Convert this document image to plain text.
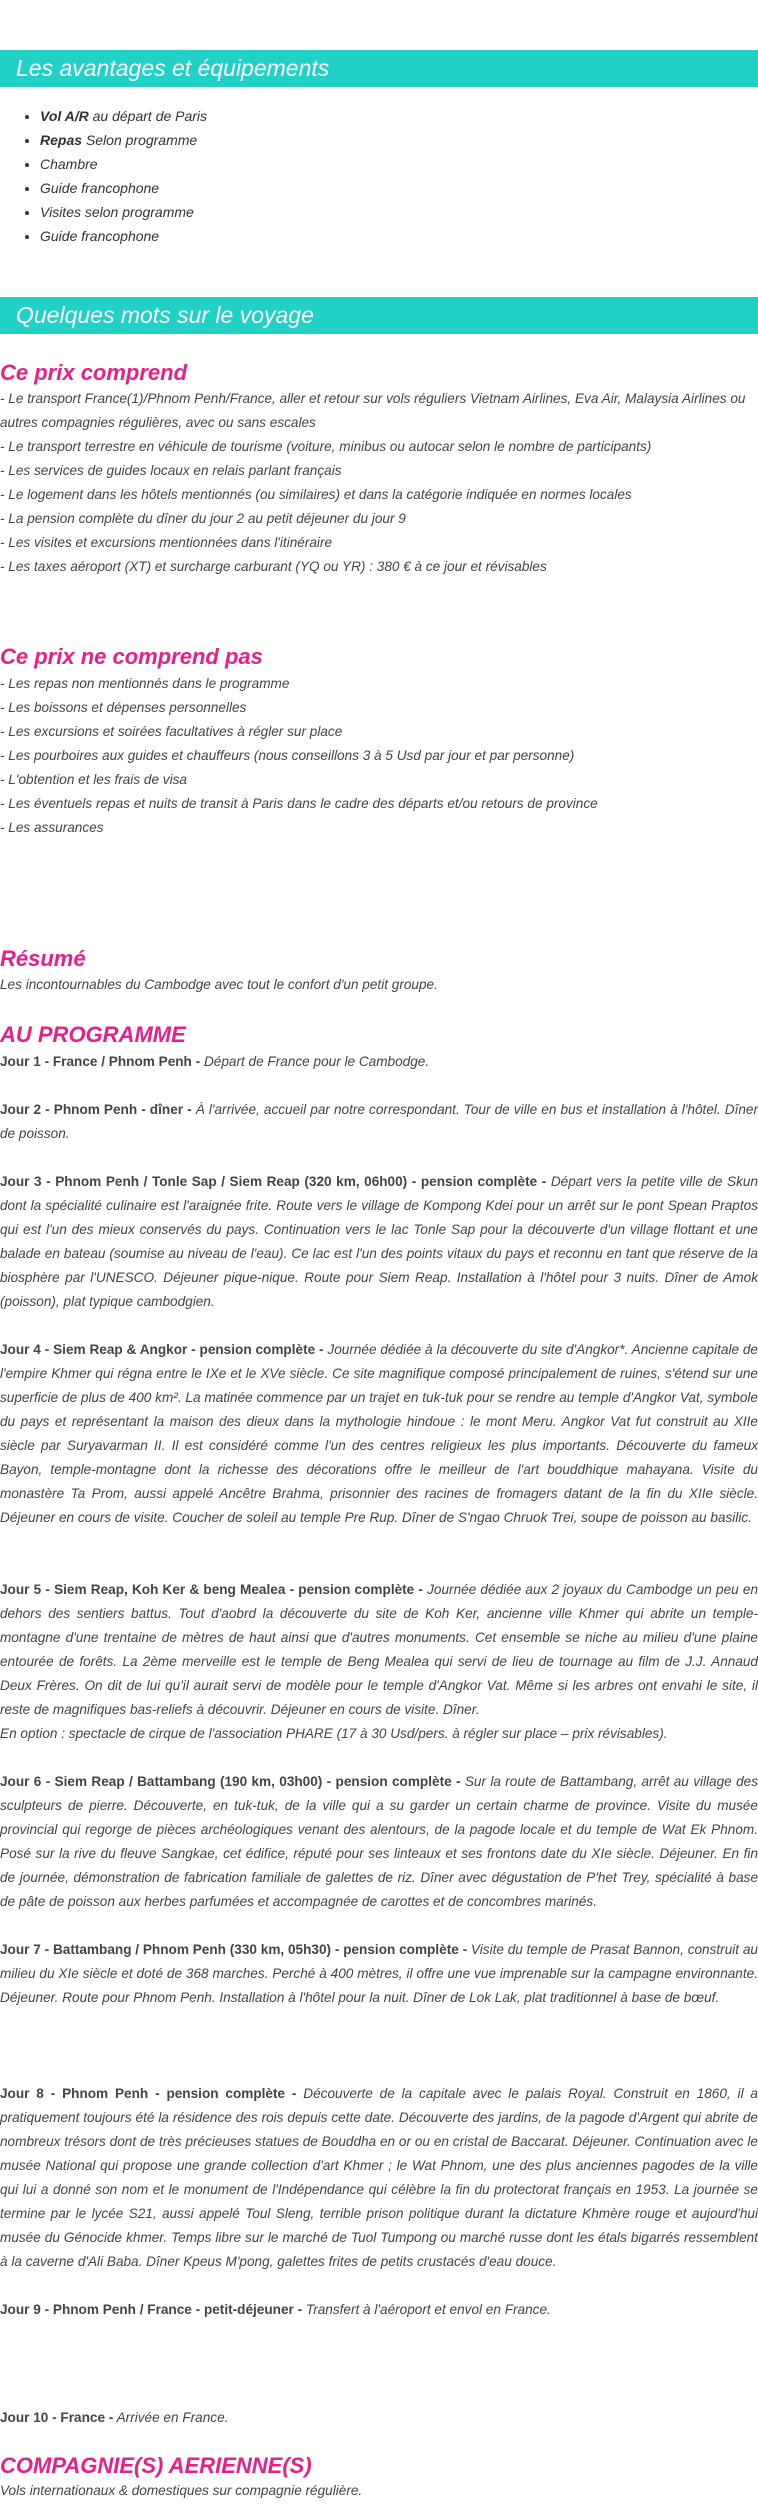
Les avantages et équipements
• Vol A/R au départ de Paris
• Repas Selon programme
• Chambre
• Guide francophone
• Visites selon programme
• Guide francophone
Quelques mots sur le voyage
Ce prix comprend

- Le transport France(1)/Phnom Penh/France, aller et retour sur vols réguliers Vietnam Airlines, Eva Air, Malaysia Airlines ou autres compagnies régulières, avec ou sans escales

- Le transport terrestre en véhicule de tourisme (voiture, minibus ou autocar selon le nombre de participants)

- Les services de guides locaux en relais parlant français

- Le logement dans les hôtels mentionnés (ou similaires) et dans la catégorie indiquée en normes locales

- La pension complète du dîner du jour 2 au petit déjeuner du jour 9

- Les visites et excursions mentionnées dans l'itinéraire

- Les taxes aéroport (XT) et surcharge carburant (YQ ou YR) : 380 € à ce jour et révisables

Ce prix ne comprend pas

- Les repas non mentionnés dans le programme

- Les boissons et dépenses personnelles

- Les excursions et soirées facultatives à régler sur place

- Les pourboires aux guides et chauffeurs (nous conseillons 3 à 5 Usd par jour et par personne)

- L'obtention et les frais de visa

- Les éventuels repas et nuits de transit à Paris dans le cadre des départs et/ou retours de province

- Les assurances

Résumé
Les incontournables du Cambodge avec tout le confort d'un petit groupe.
AU PROGRAMME

Jour 1 - France / Phnom Penh - Départ de France pour le Cambodge.

Jour 2 - Phnom Penh - dîner - À l'arrivée, accueil par notre correspondant. Tour de ville en bus et installation à l'hôtel. Dîner de poisson.

Jour 3 - Phnom Penh / Tonle Sap / Siem Reap (320 km, 06h00) - pension complète - Départ vers la petite ville de Skun dont la spécialité culinaire est l'araignée frite. Route vers le village de Kompong Kdei pour un arrêt sur le pont Spean Praptos qui est l'un des mieux conservés du pays. Continuation vers le lac Tonle Sap pour la découverte d'un village flottant et une balade en bateau (soumise au niveau de l'eau). Ce lac est l'un des points vitaux du pays et reconnu en tant que réserve de la biosphère par l'UNESCO. Déjeuner pique-nique. Route pour Siem Reap. Installation à l'hôtel pour 3 nuits. Dîner de Amok (poisson), plat typique cambodgien.

Jour 4 - Siem Reap & Angkor - pension complète - Journée dédiée à la découverte du site d'Angkor*. Ancienne capitale de l'empire Khmer qui régna entre le IXe et le XVe siècle. Ce site magnifique composé principalement de ruines, s'étend sur une superficie de plus de 400 km². La matinée commence par un trajet en tuk-tuk pour se rendre au temple d'Angkor Vat, symbole du pays et représentant la maison des dieux dans la mythologie hindoue : le mont Meru. Angkor Vat fut construit au XIIe siècle par Suryavarman II. Il est considéré comme l'un des centres religieux les plus importants. Découverte du fameux Bayon, temple-montagne dont la richesse des décorations offre le meilleur de l'art bouddhique mahayana. Visite du monastère Ta Prom, aussi appelé Ancêtre Brahma, prisonnier des racines de fromagers datant de la fin du XIIe siècle. Déjeuner en cours de visite. Coucher de soleil au temple Pre Rup. Dîner de S'ngao Chruok Trei, soupe de poisson au basilic.

Jour 5 - Siem Reap, Koh Ker & beng Mealea - pension complète - Journée dédiée aux 2 joyaux du Cambodge un peu en dehors des sentiers battus. Tout d'aobrd la découverte du site de Koh Ker, ancienne ville Khmer qui abrite un temple-montagne d'une trentaine de mètres de haut ainsi que d'autres monuments. Cet ensemble se niche au milieu d'une plaine entourée de forêts. La 2ème merveille est le temple de Beng Mealea qui servi de lieu de tournage au film de J.J. Annaud Deux Frères. On dit de lui qu'il aurait servi de modèle pour le temple d'Angkor Vat. Même si les arbres ont envahi le site, il reste de magnifiques bas-reliefs à découvrir. Déjeuner en cours de visite. Dîner.

En option : spectacle de cirque de l'association PHARE (17 à 30 Usd/pers. à régler sur place – prix révisables).

Jour 6 - Siem Reap / Battambang (190 km, 03h00) - pension complète - Sur la route de Battambang, arrêt au village des sculpteurs de pierre. Découverte, en tuk-tuk, de la ville qui a su garder un certain charme de province. Visite du musée provincial qui regorge de pièces archéologiques venant des alentours, de la pagode locale et du temple de Wat Ek Phnom. Posé sur la rive du fleuve Sangkae, cet édifice, réputé pour ses linteaux et ses frontons date du XIe siècle. Déjeuner. En fin de journée, démonstration de fabrication familiale de galettes de riz. Dîner avec dégustation de P'het Trey, spécialité à base de pâte de poisson aux herbes parfumées et accompagnée de carottes et de concombres marinés.

Jour 7 - Battambang / Phnom Penh (330 km, 05h30) - pension complète - Visite du temple de Prasat Bannon, construit au milieu du XIe siècle et doté de 368 marches. Perché à 400 mètres, il offre une vue imprenable sur la campagne environnante. Déjeuner. Route pour Phnom Penh. Installation à l'hôtel pour la nuit. Dîner de Lok Lak, plat traditionnel à base de bœuf.

Jour 8 - Phnom Penh - pension complète - Découverte de la capitale avec le palais Royal. Construit en 1860, il a pratiquement toujours été la résidence des rois depuis cette date. Découverte des jardins, de la pagode d'Argent qui abrite de nombreux trésors dont de très précieuses statues de Bouddha en or ou en cristal de Baccarat. Déjeuner. Continuation avec le musée National qui propose une grande collection d'art Khmer ; le Wat Phnom, une des plus anciennes pagodes de la ville qui lui a donné son nom et le monument de l'Indépendance qui célèbre la fin du protectorat français en 1953. La journée se termine par le lycée S21, aussi appelé Toul Sleng, terrible prison politique durant la dictature Khmère rouge et aujourd'hui musée du Génocide khmer. Temps libre sur le marché de Tuol Tumpong ou marché russe dont les étals bigarrés ressemblent à la caverne d'Ali Baba. Dîner Kpeus M'pong, galettes frites de petits crustacés d'eau douce.

Jour 9 - Phnom Penh / France - petit-déjeuner - Transfert à l'aéroport et envol en France.

Jour 10 - France - Arrivée en France.

COMPAGNIE(S) AERIENNE(S)
Vols internationaux & domestiques sur compagnie régulière.
